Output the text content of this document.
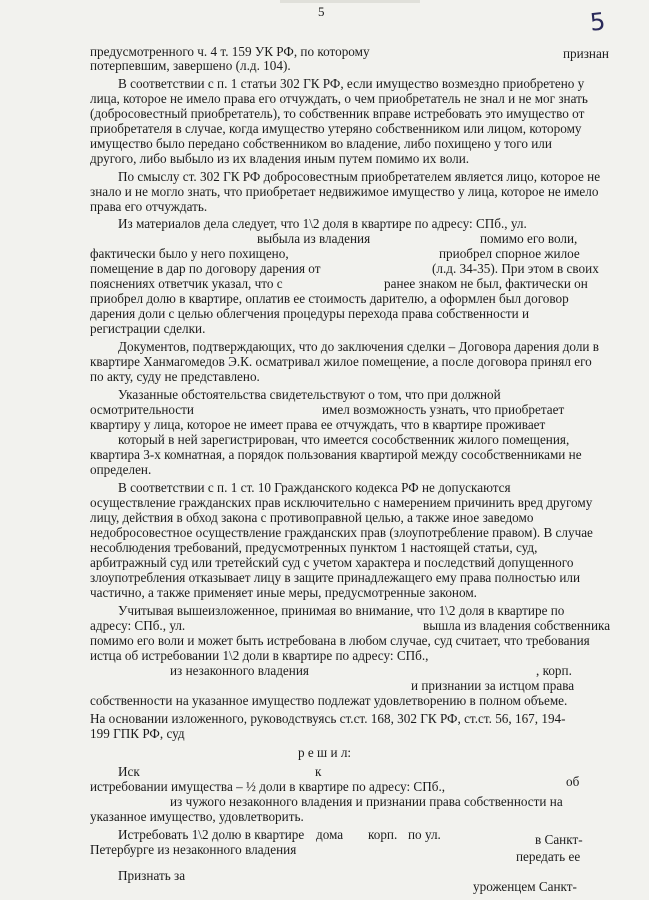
5	5
предусмотренного ч. 4 т. 159 УК РФ, по которому	признан
потерпевшим, завершено (л.д. 104).
В соответствии с п. 1 статьи 302 ГК РФ, если имущество возмездно приобретено у
лица, которое не имело права его отчуждать, о чем приобретатель не знал и не мог знать
(добросовестный приобретатель), то собственник вправе истребовать это имущество от
приобретателя в случае, когда имущество утеряно собственником или лицом, которому
имущество было передано собственником во владение, либо похищено у того или
другого, либо выбыло из их владения иным путем помимо их воли.
По смыслу ст. 302 ГК РФ добросовестным приобретателем является лицо, которое не
знало и не могло знать, что приобретает недвижимое имущество у лица, которое не имело
права его отчуждать.
Из материалов дела следует, что 1\2 доля в квартире по адресу: СПб., ул.
выбыла из владения	помимо его воли,
фактически было у него похищено,	приобрел спорное жилое
помещение в дар по договору дарения от	(л.д. 34-35). При этом в своих
пояснениях ответчик указал, что с	ранее знаком не был, фактически он
приобрел долю в квартире, оплатив ее стоимость дарителю, а оформлен был договор
дарения доли с целью облегчения процедуры перехода права собственности и
регистрации сделки.
Документов, подтверждающих, что до заключения сделки – Договора дарения доли в
квартире Ханмагомедов Э.К. осматривал жилое помещение, а после договора принял его
по акту, суду не представлено.
Указанные обстоятельства свидетельствуют о том, что при должной
осмотрительности	имел возможность узнать, что приобретает
квартиру у лица, которое не имеет права ее отчуждать, что в квартире проживает
который в ней зарегистрирован, что имеется сособственник жилого помещения,
квартира 3-х комнатная, а порядок пользования квартирой между сособственниками не
определен.
В соответствии с п. 1 ст. 10 Гражданского кодекса РФ не допускаются
осуществление гражданских прав исключительно с намерением причинить вред другому
лицу, действия в обход закона с противоправной целью, а также иное заведомо
недобросовестное осуществление гражданских прав (злоупотребление правом). В случае
несоблюдения требований, предусмотренных пунктом 1 настоящей статьи, суд,
арбитражный суд или третейский суд с учетом характера и последствий допущенного
злоупотребления отказывает лицу в защите принадлежащего ему права полностью или
частично, а также применяет иные меры, предусмотренные законом.
Учитывая вышеизложенное, принимая во внимание, что 1\2 доля в квартире по
адресу: СПб., ул.	вышла из владения собственника
помимо его воли и может быть истребована в любом случае, суд считает, что требования
истца об истребовании 1\2 доли в квартире по адресу: СПб.,
, корп.
из незаконного владения
и признании за истцом права
собственности на указанное имущество подлежат удовлетворению в полном объеме.
На основании изложенного, руководствуясь ст.ст. 168, 302 ГК РФ, ст.ст. 56, 167, 194-
199 ГПК РФ, суд
р е ш и л:
Иск	к
об
истребовании имущества – ½ доли в квартире по адресу: СПб.,
из чужого незаконного владения и признании права собственности на
указанное имущество, удовлетворить.
Истребовать 1\2 долю в квартире дома корп. по ул.	в Санкт-
Петербурге из незаконного владения	передать ее
Признать за
уроженцем Санкт-
